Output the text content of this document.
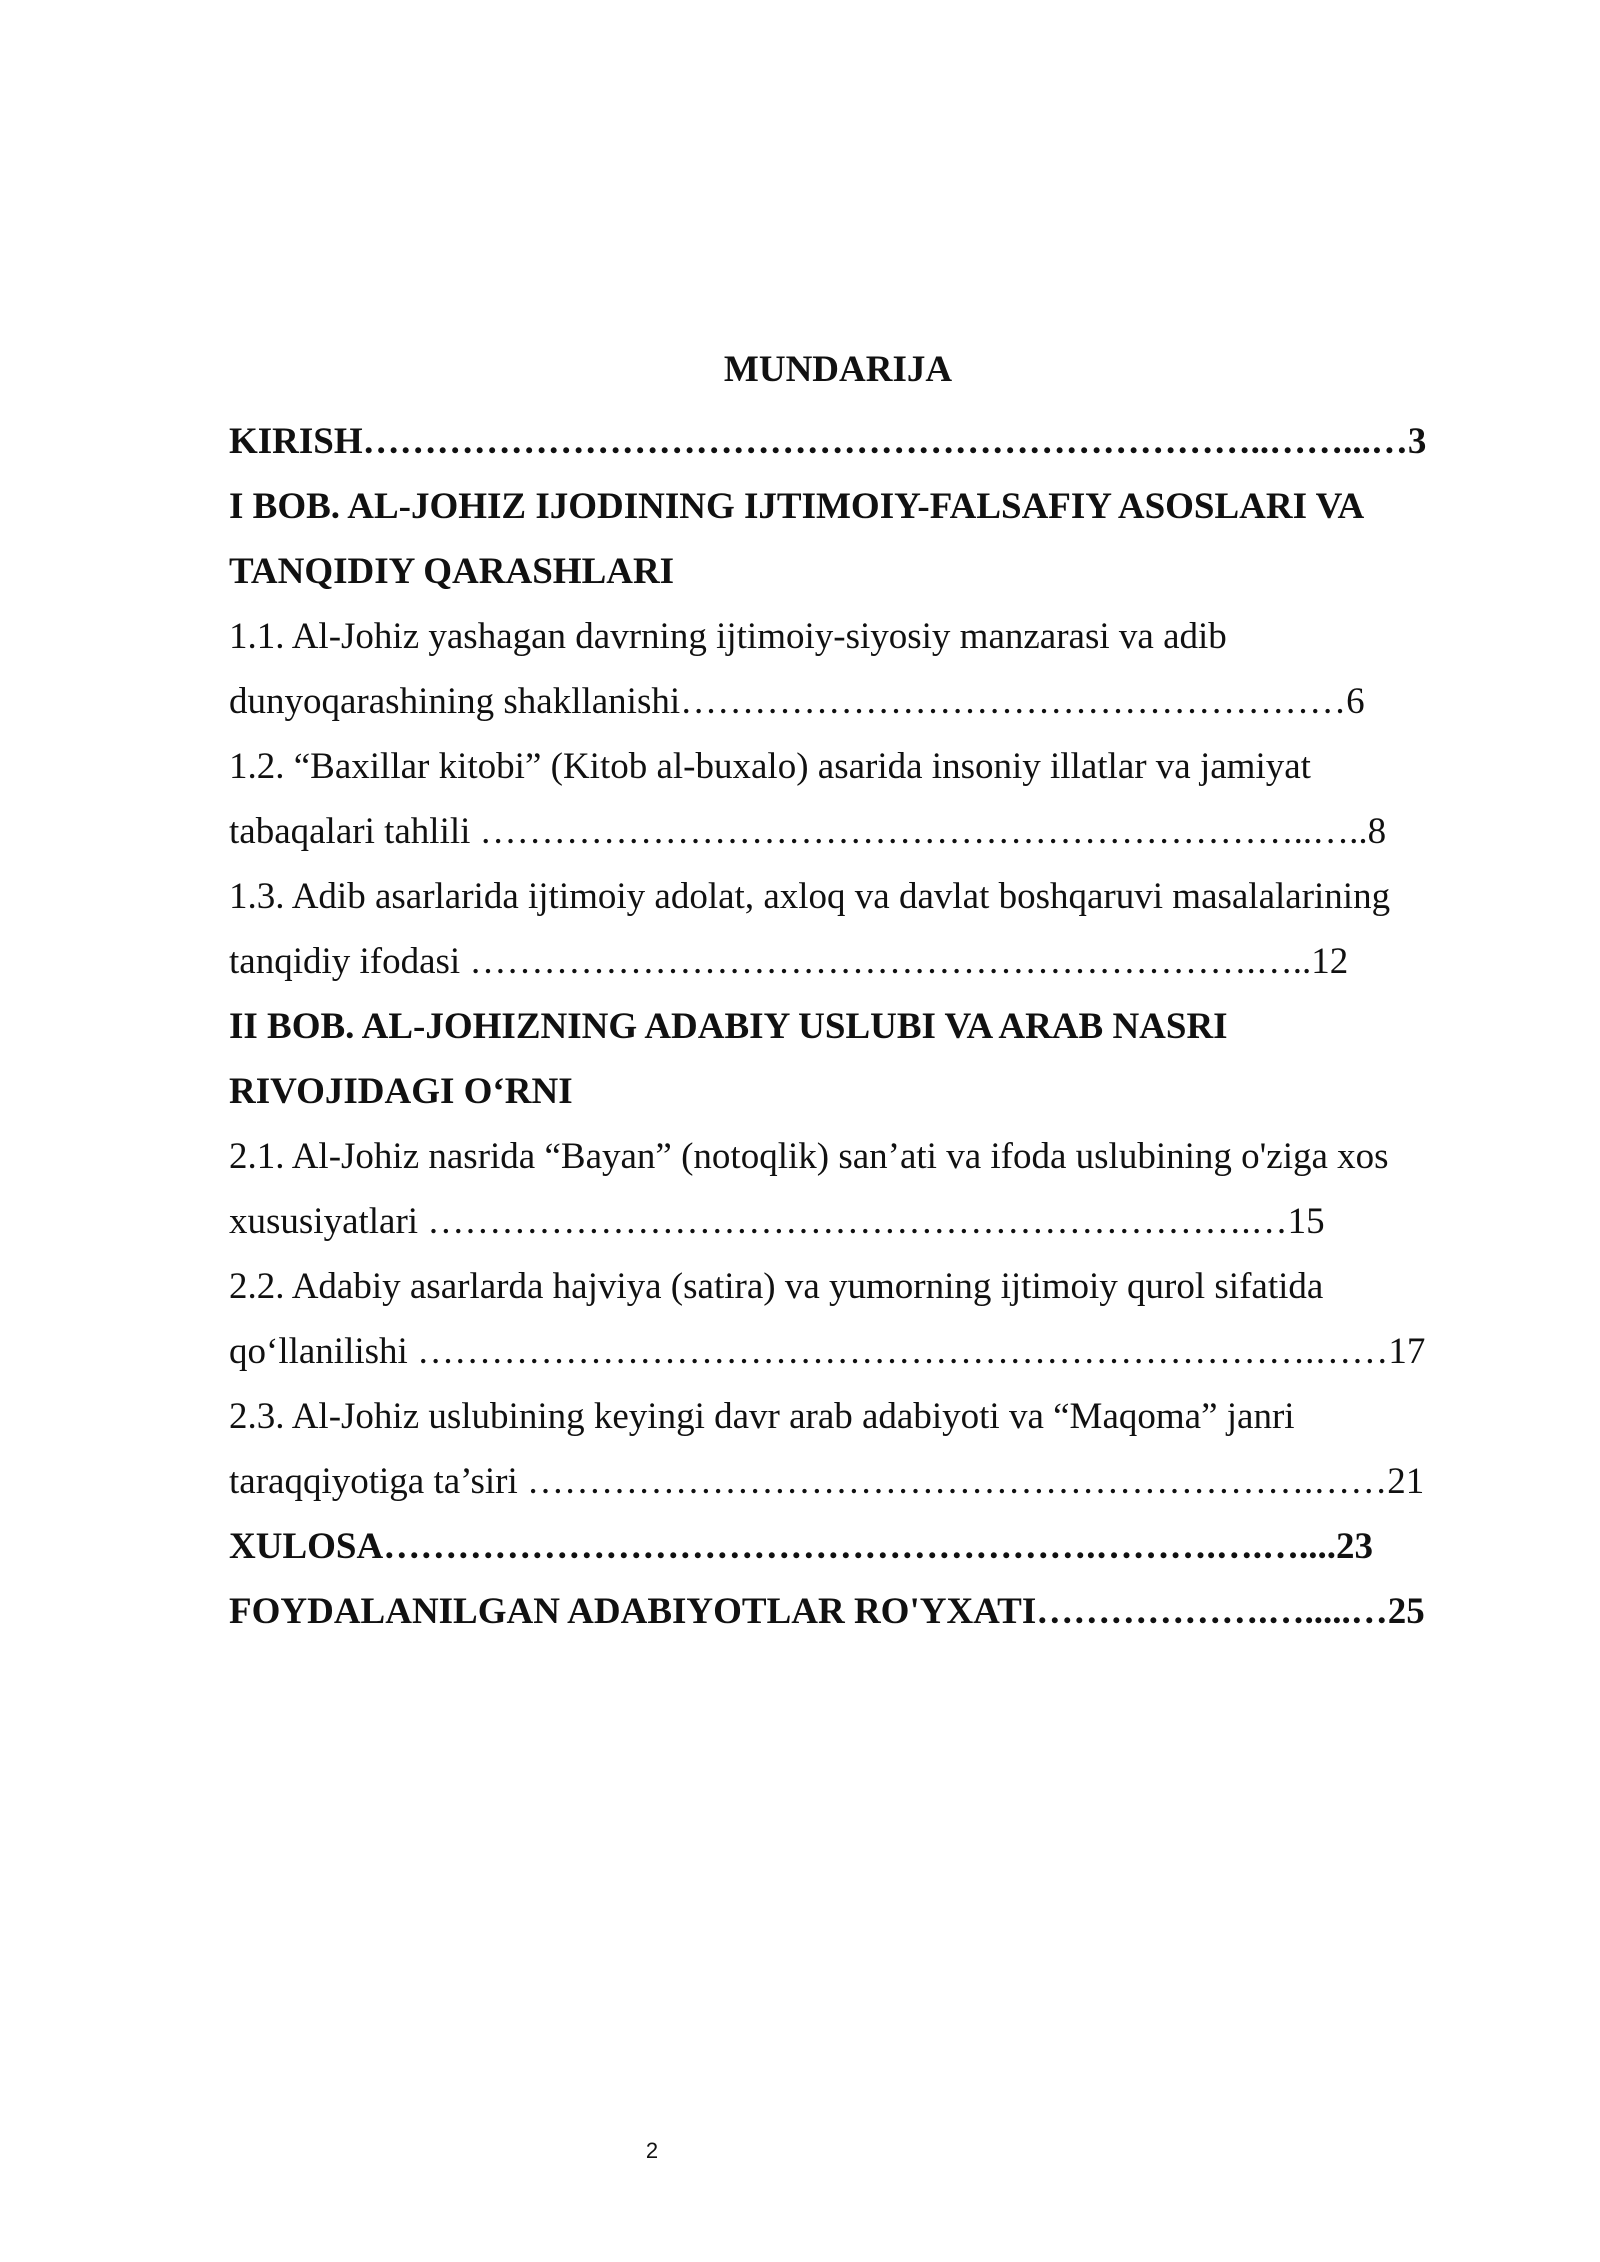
MUNDARIJA
KIRISH………………………………………………………………..……...…3
I BOB. AL-JOHIZ IJODINING IJTIMOIY-FALSAFIY ASOSLARI VA
TANQIDIY QARASHLARI
1.1. Al-Johiz yashagan davrning ijtimoiy-siyosiy manzarasi va adib
dunyoqarashining shakllanishi………………………………………………6
1.2. “Baxillar kitobi” (Kitob al-buxalo) asarida insoniy illatlar va jamiyat
tabaqalari tahlili …………………………………………………………..…..8
1.3. Adib asarlarida ijtimoiy adolat, axloq va davlat boshqaruvi masalalarining
tanqidiy ifodasi ……………………………………………………….…..12
II BOB. AL-JOHIZNING ADABIY USLUBI VA ARAB NASRI
RIVOJIDAGI O‘RNI
2.1. Al-Johiz nasrida “Bayan” (notoqlik) san’ati va ifoda uslubining o'ziga xos
xususiyatlari ………………………………………………………….…15
2.2. Adabiy asarlarda hajviya (satira) va yumorning ijtimoiy qurol sifatida
qo‘llanilishi ……………………………………………………………….……17
2.3. Al-Johiz uslubining keyingi davr arab adabiyoti va “Maqoma” janri
taraqqiyotiga ta’siri ……………………………………………………….……21
XULOSA………………………………………………….……….….…....23
FOYDALANILGAN ADABIYOTLAR RO'YXATI……………….….....…25
2
